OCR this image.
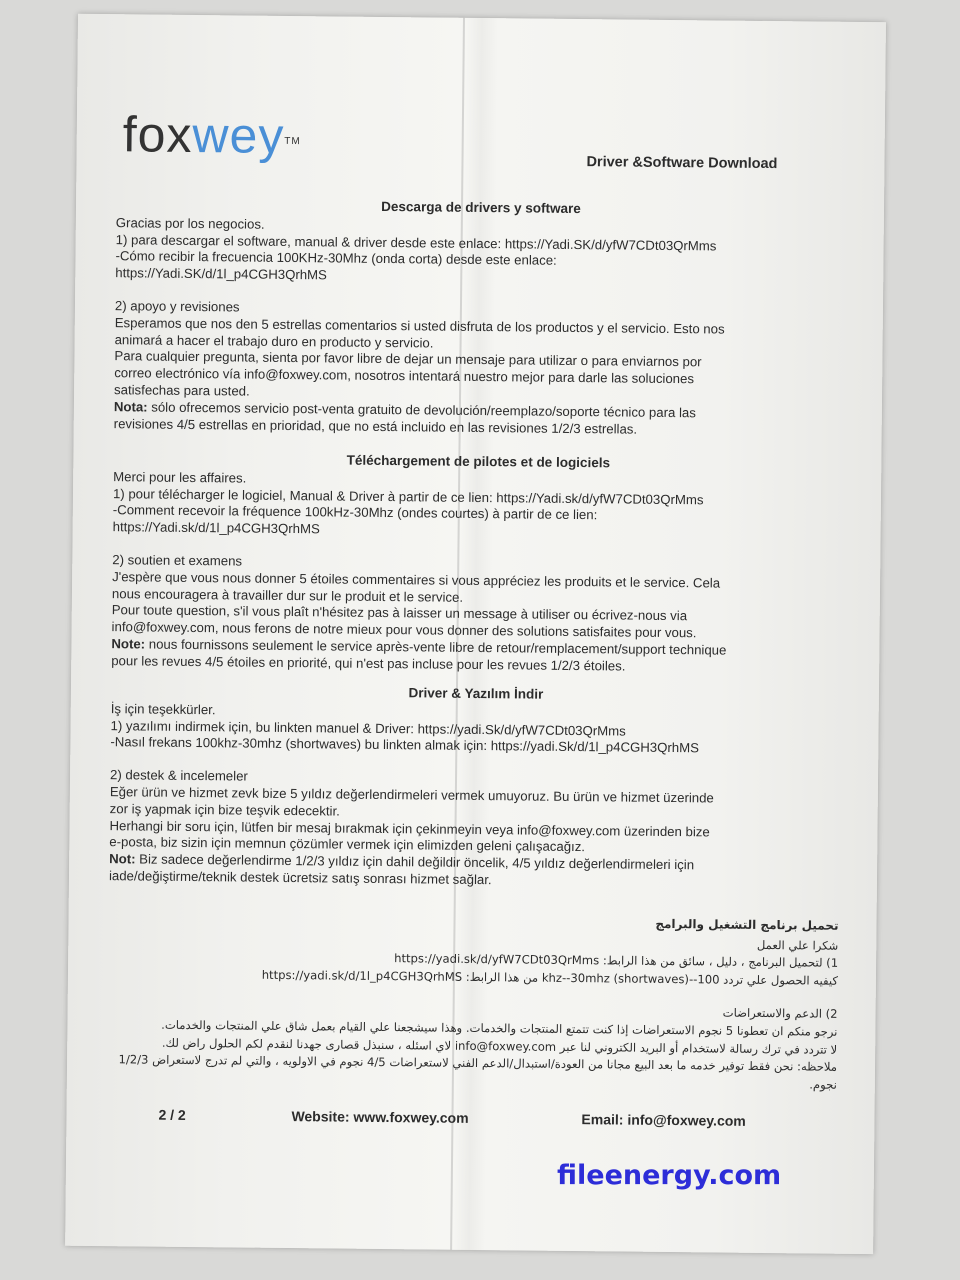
foxwey™
Driver &Software Download
Descarga de drivers y software

Gracias por los negocios.

1) para descargar el software, manual & driver desde este enlace: https://Yadi.SK/d/yfW7CDt03QrMms

-Cómo recibir la frecuencia 100KHz-30Mhz (onda corta) desde este enlace:

https://Yadi.SK/d/1l_p4CGH3QrhMS

2) apoyo y revisiones

Esperamos que nos den 5 estrellas comentarios si usted disfruta de los productos y el servicio. Esto nos

animará a hacer el trabajo duro en producto y servicio.

Para cualquier pregunta, sienta por favor libre de dejar un mensaje para utilizar o para enviarnos por

correo electrónico vía info@foxwey.com, nosotros intentará nuestro mejor para darle las soluciones

satisfechas para usted.

Nota: sólo ofrecemos servicio post-venta gratuito de devolución/reemplazo/soporte técnico para las

revisiones 4/5 estrellas en prioridad, que no está incluido en las revisiones 1/2/3 estrellas.

Téléchargement de pilotes et de logiciels

Merci pour les affaires.

1) pour télécharger le logiciel, Manual & Driver à partir de ce lien: https://Yadi.sk/d/yfW7CDt03QrMms

-Comment recevoir la fréquence 100kHz-30Mhz (ondes courtes) à partir de ce lien:

https://Yadi.sk/d/1l_p4CGH3QrhMS

2) soutien et examens

J'espère que vous nous donner 5 étoiles commentaires si vous appréciez les produits et le service. Cela

nous encouragera à travailler dur sur le produit et le service.

Pour toute question, s'il vous plaît n'hésitez pas à laisser un message à utiliser ou écrivez-nous via

info@foxwey.com, nous ferons de notre mieux pour vous donner des solutions satisfaites pour vous.

Note: nous fournissons seulement le service après-vente libre de retour/remplacement/support technique

pour les revues 4/5 étoiles en priorité, qui n'est pas incluse pour les revues 1/2/3 étoiles.

Driver & Yazılım İndir

İş için teşekkürler.

1) yazılımı indirmek için, bu linkten manuel & Driver: https://yadi.Sk/d/yfW7CDt03QrMms

-Nasıl frekans 100khz-30mhz (shortwaves) bu linkten almak için: https://yadi.Sk/d/1l_p4CGH3QrhMS

2) destek & incelemeler

Eğer ürün ve hizmet zevk bize 5 yıldız değerlendirmeleri vermek umuyoruz. Bu ürün ve hizmet üzerinde

zor iş yapmak için bize teşvik edecektir.

Herhangi bir soru için, lütfen bir mesaj bırakmak için çekinmeyin veya info@foxwey.com üzerinden bize

e-posta, biz sizin için memnun çözümler vermek için elimizden geleni çalışacağız.

Not: Biz sadece değerlendirme 1/2/3 yıldız için dahil değildir öncelik, 4/5 yıldız değerlendirmeleri için

iade/değiştirme/teknik destek ücretsiz satış sonrası hizmet sağlar.

تحميل برنامج التشغيل والبرامج

شكرا علي العمل

1) لتحميل البرنامج ، دليل ، سائق من هذا الرابط: https://yadi.sk/d/yfW7CDt03QrMms

كيفيه الحصول علي تردد 100--khz--30mhz (shortwaves) من هذا الرابط: https://yadi.sk/d/1l_p4CGH3QrhMS

2) الدعم والاستعراضات

نرجو منكم ان تعطونا 5 نجوم الاستعراضات إذا كنت تتمتع المنتجات والخدمات. وهذا سيشجعنا علي القيام بعمل شاق علي المنتجات والخدمات.

لا تتردد في ترك رسالة لاستخدام أو البريد الكتروني لنا عبر info@foxwey.com لاي اسئله ، سنبذل قصارى جهدنا لنقدم لكم الحلول راض لك.

ملاحظه: نحن فقط توفير خدمه ما بعد البيع مجانا من العودة/استبدال/الدعم الفني لاستعراضات 4/5 نجوم في الاولويه ، والتي لم تدرج لاستعراض 1/2/3 نجوم.

2 / 2	Website: www.foxwey.com	Email: info@foxwey.com
fileenergy.com
